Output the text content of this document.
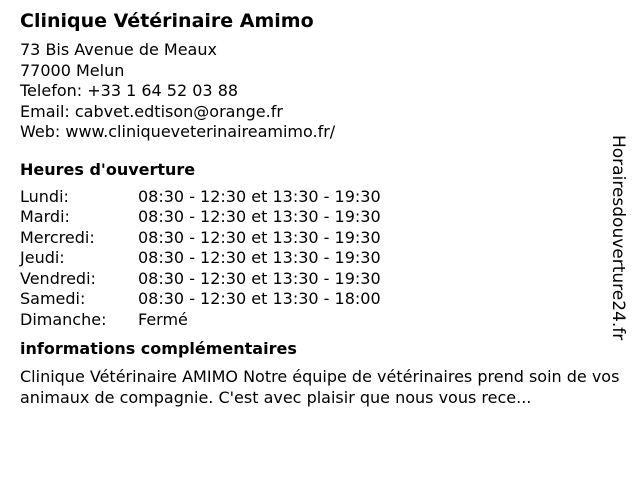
Clinique Vétérinaire Amimo
73 Bis Avenue de Meaux
77000 Melun
Telefon: +33 1 64 52 03 88
Email: cabvet.edtison@orange.fr
Web: www.cliniqueveterinaireamimo.fr/
Heures d'ouverture
Lundi:	08:30 - 12:30 et 13:30 - 19:30
Mardi:	08:30 - 12:30 et 13:30 - 19:30
Mercredi:	08:30 - 12:30 et 13:30 - 19:30
Jeudi:	08:30 - 12:30 et 13:30 - 19:30
Vendredi:	08:30 - 12:30 et 13:30 - 19:30
Samedi:	08:30 - 12:30 et 13:30 - 18:00
Dimanche:	Fermé
informations complémentaires
Clinique Vétérinaire AMIMO Notre équipe de vétérinaires prend soin de vos animaux de compagnie. C'est avec plaisir que nous vous rece...
Horairesdouverture24.fr
